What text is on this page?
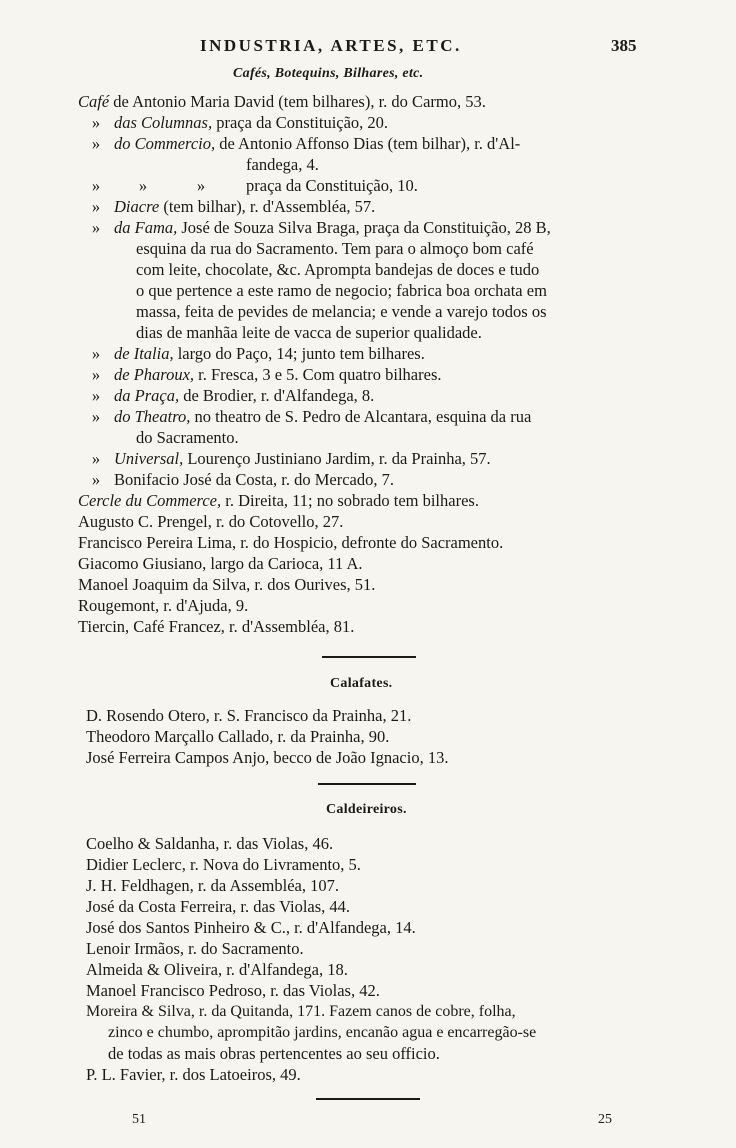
INDUSTRIA, ARTES, ETC.	385
Cafés, Botequins, Bilhares, etc.
Café de Antonio Maria David (tem bilhares), r. do Carmo, 53.
» das Columnas, praça da Constituição, 20.
» do Commercio, de Antonio Affonso Dias (tem bilhar), r. d'Al-
fandega, 4.
» »	» praça da Constituição, 10.
» Diacre (tem bilhar), r. d'Assembléa, 57.
» da Fama, José de Souza Silva Braga, praça da Constituição, 28 B,
esquina da rua do Sacramento. Tem para o almoço bom café
com leite, chocolate, &c. Aprompta bandejas de doces e tudo
o que pertence a este ramo de negocio; fabrica boa orchata em
massa, feita de pevides de melancia; e vende a varejo todos os
dias de manhãa leite de vacca de superior qualidade.
» de Italia, largo do Paço, 14; junto tem bilhares.
» de Pharoux, r. Fresca, 3 e 5. Com quatro bilhares.
» da Praça, de Brodier, r. d'Alfandega, 8.
» do Theatro, no theatro de S. Pedro de Alcantara, esquina da rua
do Sacramento.
» Universal, Lourenço Justiniano Jardim, r. da Prainha, 57.
» Bonifacio José da Costa, r. do Mercado, 7.
Cercle du Commerce, r. Direita, 11; no sobrado tem bilhares.
Augusto C. Prengel, r. do Cotovello, 27.
Francisco Pereira Lima, r. do Hospicio, defronte do Sacramento.
Giacomo Giusiano, largo da Carioca, 11 A.
Manoel Joaquim da Silva, r. dos Ourives, 51.
Rougemont, r. d'Ajuda, 9.
Tiercin, Café Francez, r. d'Assembléa, 81.
Calafates.
D. Rosendo Otero, r. S. Francisco da Prainha, 21.
Theodoro Marçallo Callado, r. da Prainha, 90.
José Ferreira Campos Anjo, becco de João Ignacio, 13.
Caldeireiros.
Coelho & Saldanha, r. das Violas, 46.
Didier Leclerc, r. Nova do Livramento, 5.
J. H. Feldhagen, r. da Assembléa, 107.
José da Costa Ferreira, r. das Violas, 44.
José dos Santos Pinheiro & C., r. d'Alfandega, 14.
Lenoir Irmãos, r. do Sacramento.
Almeida & Oliveira, r. d'Alfandega, 18.
Manoel Francisco Pedroso, r. das Violas, 42.
Moreira & Silva, r. da Quitanda, 171. Fazem canos de cobre, folha,
zinco e chumbo, aprompitão jardins, encanão agua e encarregão-se
de todas as mais obras pertencentes ao seu officio.
P. L. Favier, r. dos Latoeiros, 49.
51	25
